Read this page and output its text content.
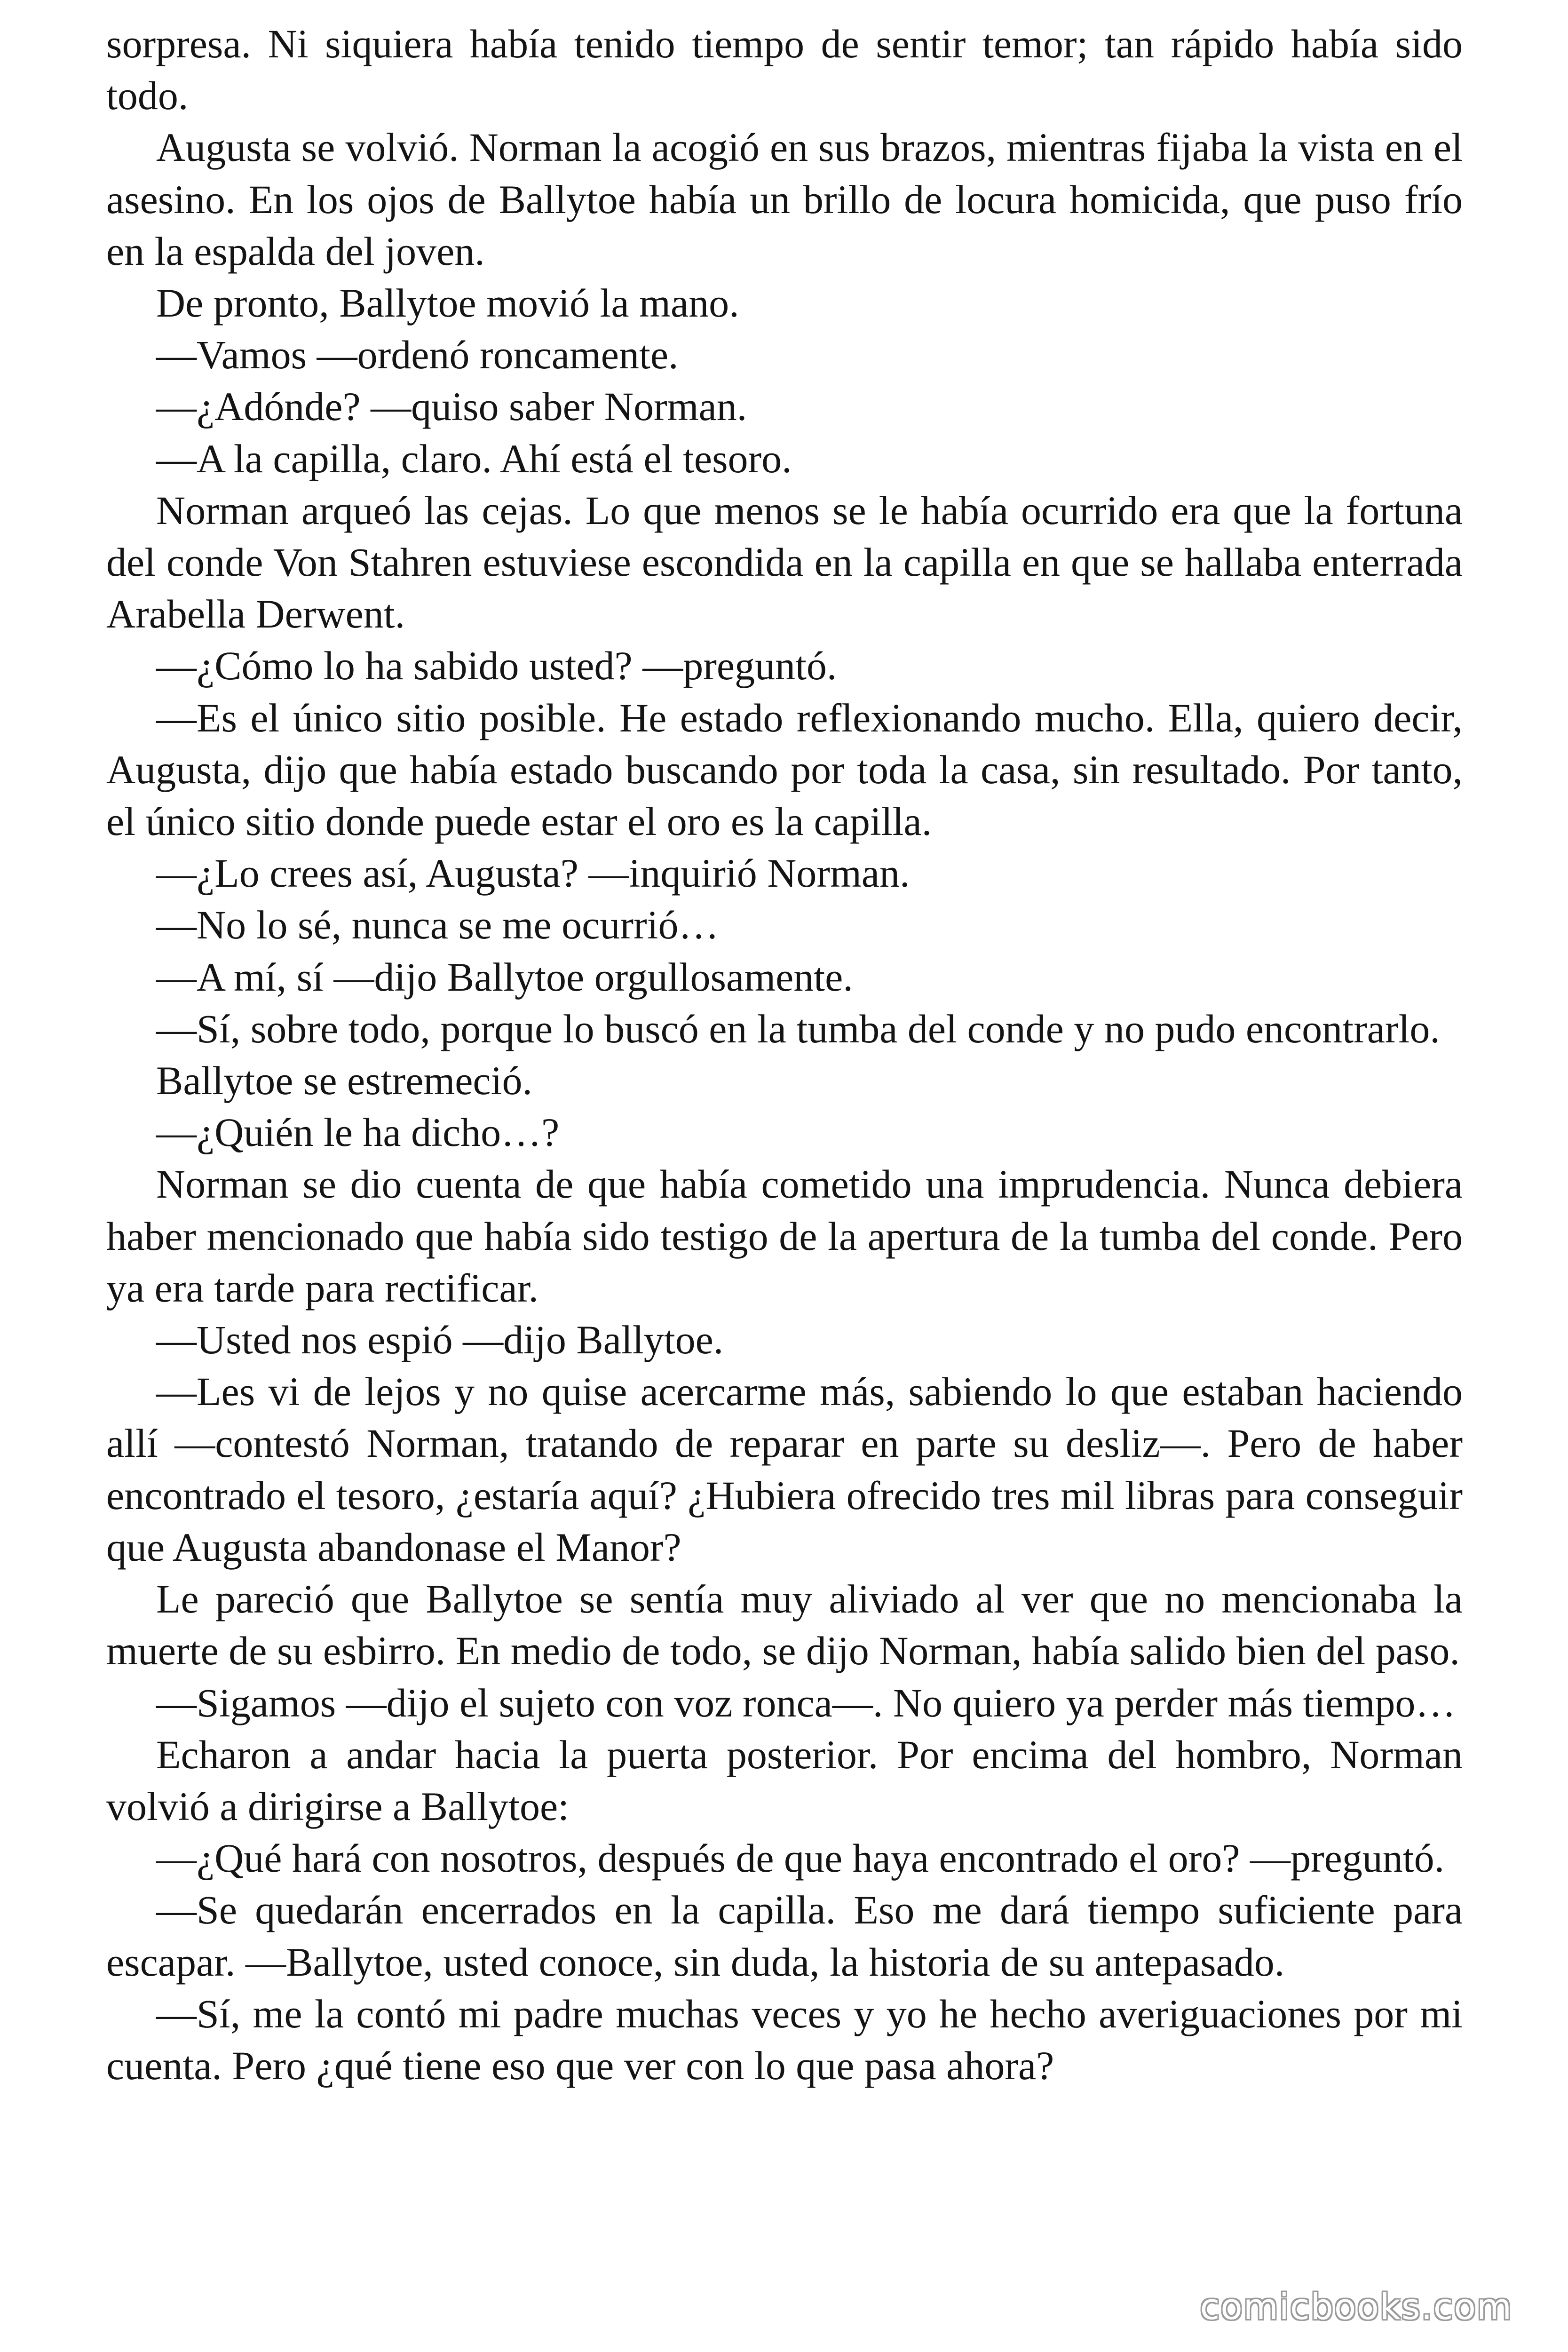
sorpresa. Ni siquiera había tenido tiempo de sentir temor; tan rápido había sido todo.

Augusta se volvió. Norman la acogió en sus brazos, mientras fijaba la vista en el asesino. En los ojos de Ballytoe había un brillo de locura homicida, que puso frío en la espalda del joven.

De pronto, Ballytoe movió la mano.

—Vamos —ordenó roncamente.

—¿Adónde? —quiso saber Norman.

—A la capilla, claro. Ahí está el tesoro.

Norman arqueó las cejas. Lo que menos se le había ocurrido era que la fortuna del conde Von Stahren estuviese escondida en la capilla en que se hallaba enterrada Arabella Derwent.

—¿Cómo lo ha sabido usted? —preguntó.

—Es el único sitio posible. He estado reflexionando mucho. Ella, quiero decir, Augusta, dijo que había estado buscando por toda la casa, sin resultado. Por tanto, el único sitio donde puede estar el oro es la capilla.

—¿Lo crees así, Augusta? —inquirió Norman.

—No lo sé, nunca se me ocurrió…

—A mí, sí —dijo Ballytoe orgullosamente.

—Sí, sobre todo, porque lo buscó en la tumba del conde y no pudo encontrarlo.

Ballytoe se estremeció.

—¿Quién le ha dicho…?

Norman se dio cuenta de que había cometido una imprudencia. Nunca debiera haber mencionado que había sido testigo de la apertura de la tumba del conde. Pero ya era tarde para rectificar.

—Usted nos espió —dijo Ballytoe.

—Les vi de lejos y no quise acercarme más, sabiendo lo que estaban haciendo allí —contestó Norman, tratando de reparar en parte su desliz—. Pero de haber encontrado el tesoro, ¿estaría aquí? ¿Hubiera ofrecido tres mil libras para conseguir que Augusta abandonase el Manor?

Le pareció que Ballytoe se sentía muy aliviado al ver que no mencionaba la muerte de su esbirro. En medio de todo, se dijo Norman, había salido bien del paso.

—Sigamos —dijo el sujeto con voz ronca—. No quiero ya perder más tiempo…

Echaron a andar hacia la puerta posterior. Por encima del hombro, Norman volvió a dirigirse a Ballytoe:

—¿Qué hará con nosotros, después de que haya encontrado el oro? —preguntó.

—Se quedarán encerrados en la capilla. Eso me dará tiempo suficiente para escapar. —Ballytoe, usted conoce, sin duda, la historia de su antepasado.

—Sí, me la contó mi padre muchas veces y yo he hecho averiguaciones por mi cuenta. Pero ¿qué tiene eso que ver con lo que pasa ahora?

comicbooks.com
